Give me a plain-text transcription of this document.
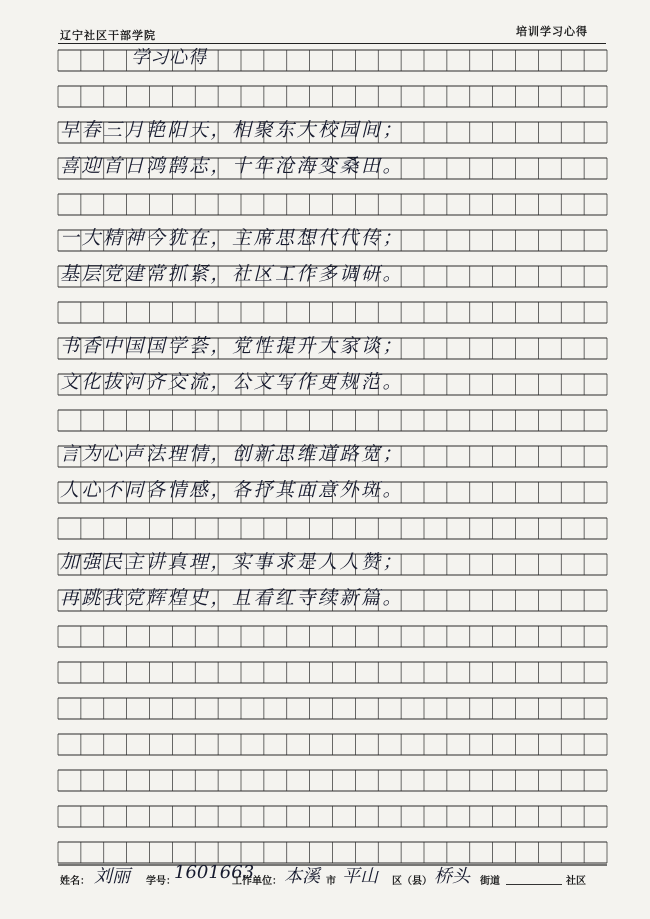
辽宁社区干部学院	培训学习心得
学习心得
早春三月艳阳天，相聚东大校园间；
喜迎首日鸿鹄志，十年沧海变桑田。
一大精神今犹在，主席思想代代传；
基层党建常抓紧，社区工作多调研。
书香中国国学荟，党性提升大家谈；
文化拔河齐交流，公文写作更规范。
言为心声法理情，创新思维道路宽；
人心不同各情感，各抒其面意外斑。
加强民主讲真理，实事求是人人赞；
再跳我党辉煌史，且看红寺续新篇。
姓名： 刘丽 学号：
1601663
工作单位： 本溪 市 平山 区（县） 桥头 街道	社区
